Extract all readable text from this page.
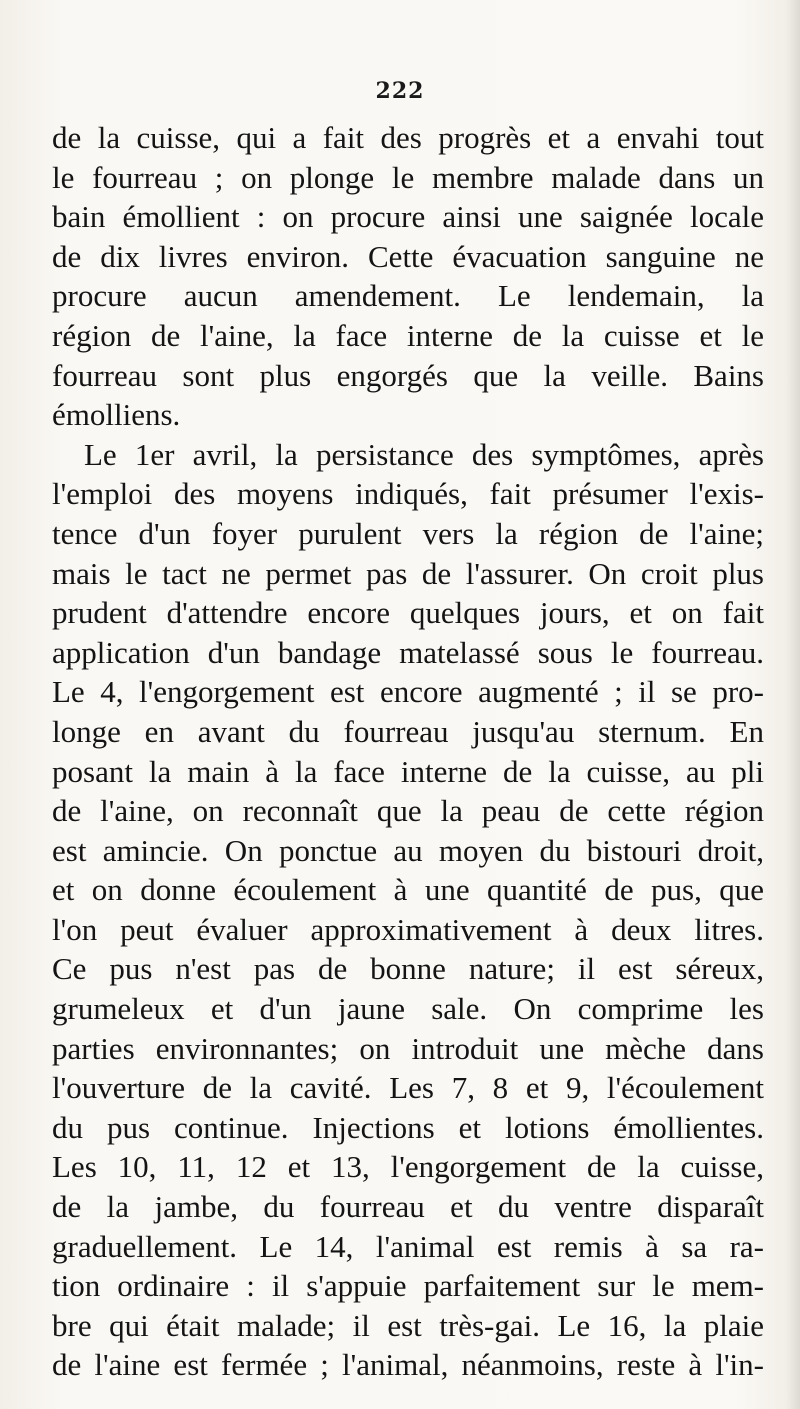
222
de la cuisse, qui a fait des progrès et a envahi tout
le fourreau ; on plonge le membre malade dans un
bain émollient : on procure ainsi une saignée locale
de dix livres environ. Cette évacuation sanguine ne
procure aucun amendement. Le lendemain, la
région de l'aine, la face interne de la cuisse et le
fourreau sont plus engorgés que la veille. Bains
émolliens.
Le 1er avril, la persistance des symptômes, après
l'emploi des moyens indiqués, fait présumer l'exis-
tence d'un foyer purulent vers la région de l'aine;
mais le tact ne permet pas de l'assurer. On croit plus
prudent d'attendre encore quelques jours, et on fait
application d'un bandage matelassé sous le fourreau.
Le 4, l'engorgement est encore augmenté ; il se pro-
longe en avant du fourreau jusqu'au sternum. En
posant la main à la face interne de la cuisse, au pli
de l'aine, on reconnaît que la peau de cette région
est amincie. On ponctue au moyen du bistouri droit,
et on donne écoulement à une quantité de pus, que
l'on peut évaluer approximativement à deux litres.
Ce pus n'est pas de bonne nature; il est séreux,
grumeleux et d'un jaune sale. On comprime les
parties environnantes; on introduit une mèche dans
l'ouverture de la cavité. Les 7, 8 et 9, l'écoulement
du pus continue. Injections et lotions émollientes.
Les 10, 11, 12 et 13, l'engorgement de la cuisse,
de la jambe, du fourreau et du ventre disparaît
graduellement. Le 14, l'animal est remis à sa ra-
tion ordinaire : il s'appuie parfaitement sur le mem-
bre qui était malade; il est très-gai. Le 16, la plaie
de l'aine est fermée ; l'animal, néanmoins, reste à l'in-
